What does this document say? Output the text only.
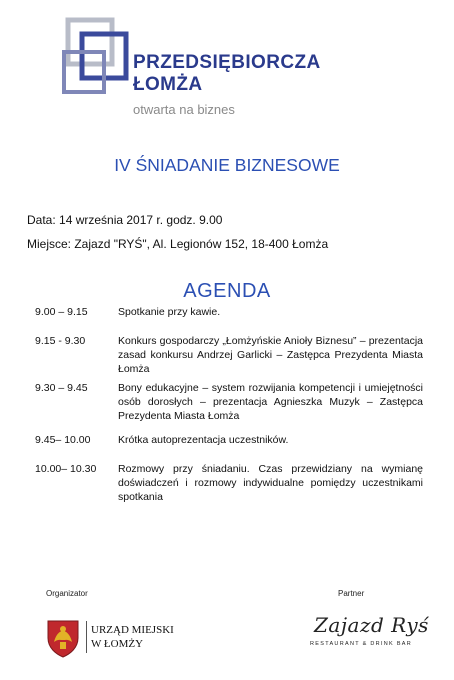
PRZEDSIĘBIORCZA
ŁOMŻA
otwarta na biznes
IV ŚNIADANIE BIZNESOWE
Data: 14 września 2017 r. godz. 9.00
Miejsce: Zajazd "RYŚ", Al. Legionów 152, 18-400 Łomża
AGENDA
9.00 – 9.15	Spotkanie przy kawie.
9.15 - 9.30	Konkurs gospodarczy „Łomżyńskie Anioły Biznesu” – prezentacja zasad konkursu Andrzej Garlicki – Zastępca Prezydenta Miasta Łomża
9.30 – 9.45	Bony edukacyjne – system rozwijania kompetencji i umiejętności osób dorosłych – prezentacja Agnieszka Muzyk – Zastępca Prezydenta Miasta Łomża
9.45– 10.00	Krótka autoprezentacja uczestników.
10.00– 10.30	Rozmowy przy śniadaniu. Czas przewidziany na wymianę doświadczeń i rozmowy indywidualne pomiędzy uczestnikami spotkania
Organizator	Partner
URZĄD MIEJSKI
W ŁOMŻY
Zajazd Ryś
RESTAURANT & DRINK BAR
